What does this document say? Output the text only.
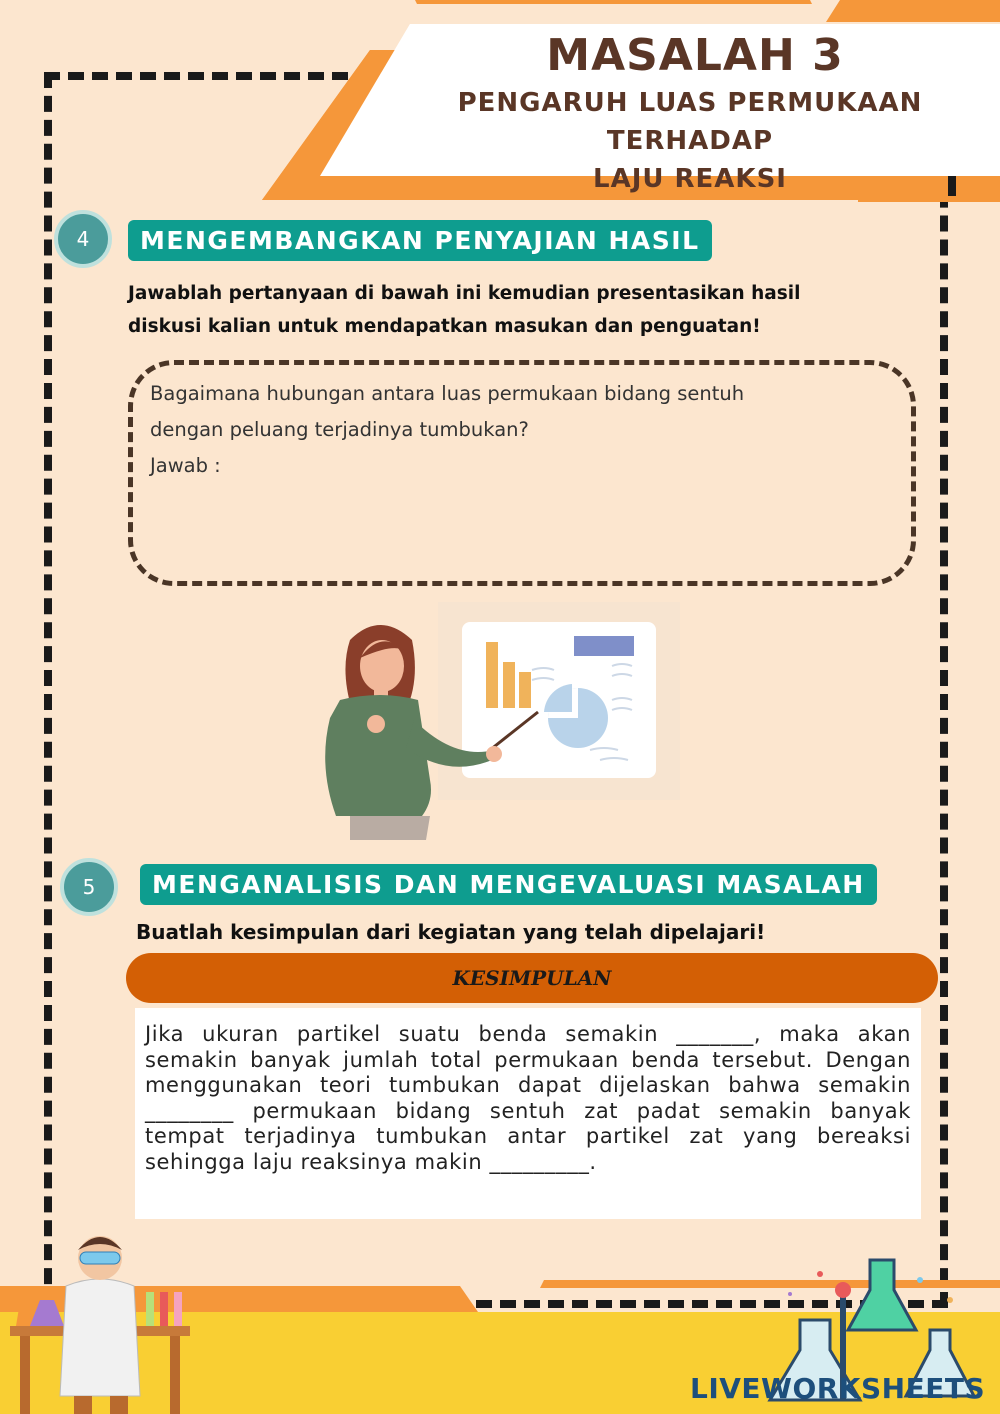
MASALAH 3
PENGARUH LUAS PERMUKAAN TERHADAP
LAJU REAKSI
4	MENGEMBANGKAN PENYAJIAN HASIL
Jawablah pertanyaan di bawah ini kemudian presentasikan hasil
diskusi kalian untuk mendapatkan masukan dan penguatan!
Bagaimana hubungan antara luas permukaan bidang sentuh
dengan peluang terjadinya tumbukan?
Jawab :
5	MENGANALISIS DAN MENGEVALUASI MASALAH
Buatlah kesimpulan dari kegiatan yang telah dipelajari!
KESIMPULAN
Jika ukuran partikel suatu benda semakin _______, maka akan semakin banyak jumlah total permukaan benda tersebut. Dengan menggunakan teori tumbukan dapat dijelaskan bahwa semakin ________ permukaan bidang sentuh zat padat semakin banyak tempat terjadinya tumbukan antar partikel zat yang bereaksi sehingga laju reaksinya makin _________.
LIVEWORKSHEETS
